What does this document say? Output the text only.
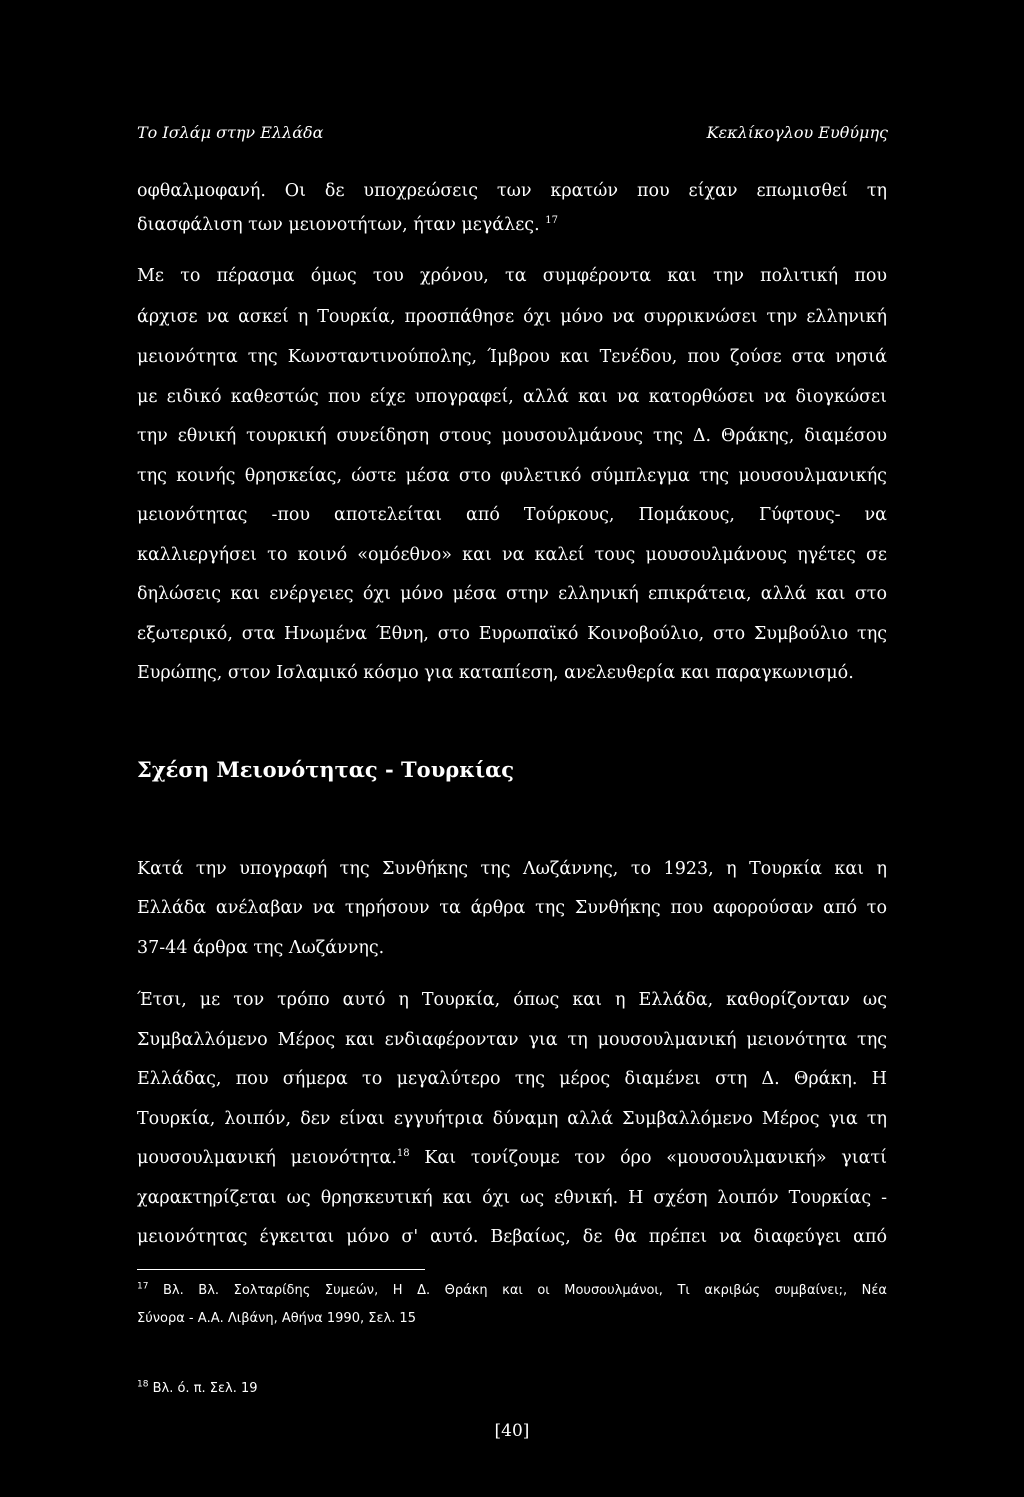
Το Ισλάμ στην Ελλάδα	Κεκλίκογλου Ευθύμης
οφθαλμοφανή. Οι δε υποχρεώσεις των κρατών που είχαν επωμισθεί τη
διασφάλιση των μειονοτήτων, ήταν μεγάλες. $^{17}$
Με το πέρασμα όμως του χρόνου, τα συμφέροντα και την πολιτική που
άρχισε να ασκεί η Τουρκία, προσπάθησε όχι μόνο να συρρικνώσει την ελληνική
μειονότητα της Κωνσταντινούπολης, Ίμβρου και Τενέδου, που ζούσε στα νησιά
με ειδικό καθεστώς που είχε υπογραφεί, αλλά και να κατορθώσει να διογκώσει
την εθνική τουρκική συνείδηση στους μουσουλμάνους της Δ. Θράκης, διαμέσου
της κοινής θρησκείας, ώστε μέσα στο φυλετικό σύμπλεγμα της μουσουλμανικής
μειονότητας -που αποτελείται από Τούρκους, Πομάκους, Γύφτους- να
καλλιεργήσει το κοινό «ομόεθνο» και να καλεί τους μουσουλμάνους ηγέτες σε
δηλώσεις και ενέργειες όχι μόνο μέσα στην ελληνική επικράτεια, αλλά και στο
εξωτερικό, στα Ηνωμένα Έθνη, στο Ευρωπαϊκό Κοινοβούλιο, στο Συμβούλιο της
Ευρώπης, στον Ισλαμικό κόσμο για καταπίεση, ανελευθερία και παραγκωνισμό.
Σχέση Μειονότητας - Τουρκίας
Κατά την υπογραφή της Συνθήκης της Λωζάννης, το 1923, η Τουρκία και η
Ελλάδα ανέλαβαν να τηρήσουν τα άρθρα της Συνθήκης που αφορούσαν από το
37-44 άρθρα της Λωζάννης.
Έτσι, με τον τρόπο αυτό η Τουρκία, όπως και η Ελλάδα, καθορίζονταν ως
Συμβαλλόμενο Μέρος και ενδιαφέρονταν για τη μουσουλμανική μειονότητα της
Ελλάδας, που σήμερα το μεγαλύτερο της μέρος διαμένει στη Δ. Θράκη. Η
Τουρκία, λοιπόν, δεν είναι εγγυήτρια δύναμη αλλά Συμβαλλόμενο Μέρος για τη
μουσουλμανική μειονότητα.$^{18}$ Και τονίζουμε τον όρο «μουσουλμανική» γιατί
χαρακτηρίζεται ως θρησκευτική και όχι ως εθνική. Η σχέση λοιπόν Τουρκίας -
μειονότητας έγκειται μόνο σ' αυτό. Βεβαίως, δε θα πρέπει να διαφεύγει από
$^{17}$ Βλ. Βλ. Σολταρίδης Συμεών, Η Δ. Θράκη και οι Μουσουλμάνοι, Τι ακριβώς συμβαίνει;, Νέα
Σύνορα - Α.Α. Λιβάνη, Αθήνα 1990, Σελ. 15
$^{18}$ Βλ. ό. π. Σελ. 19
[40]
